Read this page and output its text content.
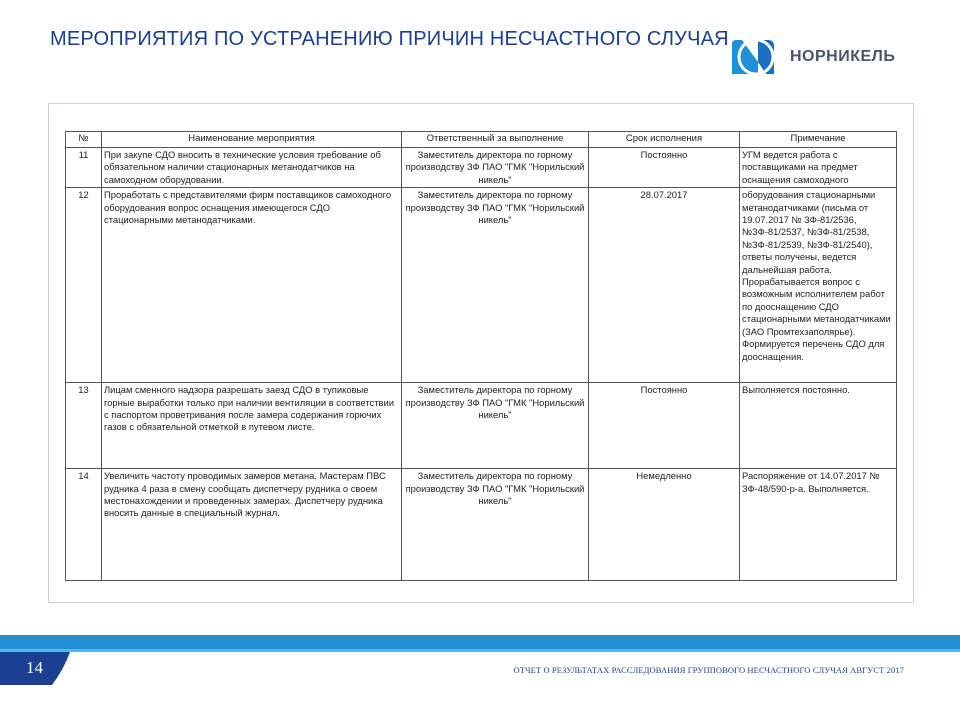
МЕРОПРИЯТИЯ ПО УСТРАНЕНИЮ ПРИЧИН НЕСЧАСТНОГО СЛУЧАЯ
НОРНИКЕЛЬ
№	Наименование мероприятия	Ответственный за выполнение	Срок исполнения	Примечание
11	При закупе СДО вносить в технические условия требование об обязательном наличии стационарных метанодатчиков на самоходном оборудовании.	Заместитель директора по горному производству ЗФ ПАО "ГМК "Норильский никель"	Постоянно	УГМ ведется работа с поставщиками на предмет оснащения самоходного
12	Проработать с представителями фирм поставщиков самоходного оборудования вопрос оснащения имеющегося СДО стационарными метанодатчиками.	Заместитель директора по горному производству ЗФ ПАО "ГМК "Норильский никель"	28.07.2017	оборудования стационарными метанодатчиками (письма от 19.07.2017 № ЗФ-81/2536, №ЗФ-81/2537, №ЗФ-81/2538, №ЗФ-81/2539, №ЗФ-81/2540), ответы получены, ведется дальнейшая работа. Прорабатывается вопрос с возможным исполнителем работ по дооснащению СДО стационарными метанодатчиками (ЗАО Промтехзаполярье). Формируется перечень СДО для дооснащения.
13	Лицам сменного надзора разрешать заезд СДО в тупиковые горные выработки только при наличии вентиляции в соответствии с паспортом проветривания после замера содержания горючих газов с обязательной отметкой в путевом листе.	Заместитель директора по горному производству ЗФ ПАО "ГМК "Норильский никель"	Постоянно	Выполняется постоянно.
14	Увеличить частоту проводимых замеров метана. Мастерам ПВС рудника 4 раза в смену сообщать диспетчеру рудника о своем местонахождении и проведенных замерах. Диспетчеру рудника вносить данные в специальный журнал.	Заместитель директора по горному производству ЗФ ПАО "ГМК "Норильский никель"	Немедленно	Распоряжение от 14.07.2017 № ЗФ-48/590-р-а. Выполняется.
14	ОТЧЕТ О РЕЗУЛЬТАТАХ РАССЛЕДОВАНИЯ ГРУППОВОГО НЕСЧАСТНОГО СЛУЧАЯ АВГУСТ 2017
